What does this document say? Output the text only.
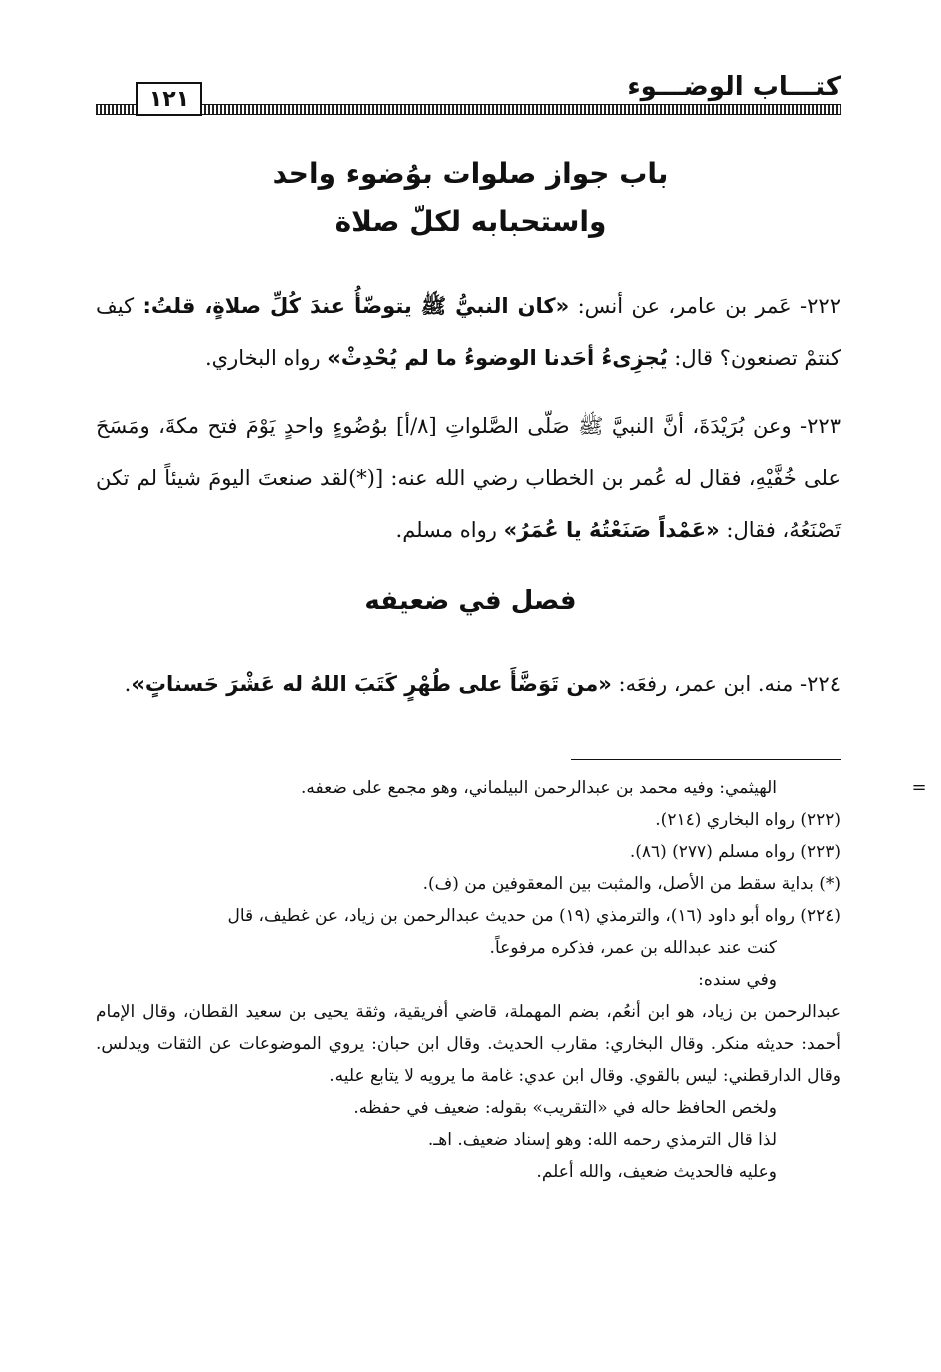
كتـــاب الوضـــوء
١٢١
باب جواز صلوات بوُضوء واحد
واستحبابه لكلّ صلاة
٢٢٢- عَمر بن عامر، عن أنس: «كان النبيُّ ﷺ يتوضّأُ عندَ كُلِّ صلاةٍ، قلتُ: كيف كنتمْ تصنعون؟ قال: يُجزِىءُ أحَدنا الوضوءُ ما لم يُحْدِثْ» رواه البخاري.
٢٢٣- وعن بُرَيْدَةَ، أنَّ النبيَّ ﷺ صَلّى الصَّلواتِ [٨/أ] بوُضُوءٍ واحدٍ يَوْمَ فتح مكةَ، ومَسَحَ على خُفَّيْهِ، فقال له عُمر بن الخطاب رضي الله عنه: [(*)لقد صنعتَ اليومَ شيئاً لم تكن تَصْنَعُهُ، فقال: «عَمْداً صَنَعْتُهُ يا عُمَرُ» رواه مسلم.
فصل في ضعيفه
٢٢٤- منه. ابن عمر، رفعَه: «من تَوَضَّأَ على طُهْرٍ كَتَبَ اللهُ له عَشْرَ حَسناتٍ».
=

الهيثمي: وفيه محمد بن عبدالرحمن البيلماني، وهو مجمع على ضعفه.

(٢٢٢) رواه البخاري (٢١٤).

(٢٢٣) رواه مسلم (٢٧٧) (٨٦).

(*) بداية سقط من الأصل، والمثبت بين المعقوفين من (ف).

(٢٢٤) رواه أبو داود (١٦)، والترمذي (١٩) من حديث عبدالرحمن بن زياد، عن غطيف، قال

كنت عند عبدالله بن عمر، فذكره مرفوعاً.

وفي سنده:

عبدالرحمن بن زياد، هو ابن أنعُم، بضم المهملة، قاضي أفريقية، وثقة يحيى بن سعيد القطان، وقال الإمام أحمد: حديثه منكر. وقال البخاري: مقارب الحديث. وقال ابن حبان: يروي الموضوعات عن الثقات ويدلس. وقال الدارقطني: ليس بالقوي. وقال ابن عدي: غامة ما يرويه لا يتابع عليه.

ولخص الحافظ حاله في «التقريب» بقوله: ضعيف في حفظه.

لذا قال الترمذي رحمه الله: وهو إسناد ضعيف. اهـ.

وعليه فالحديث ضعيف، والله أعلم.
